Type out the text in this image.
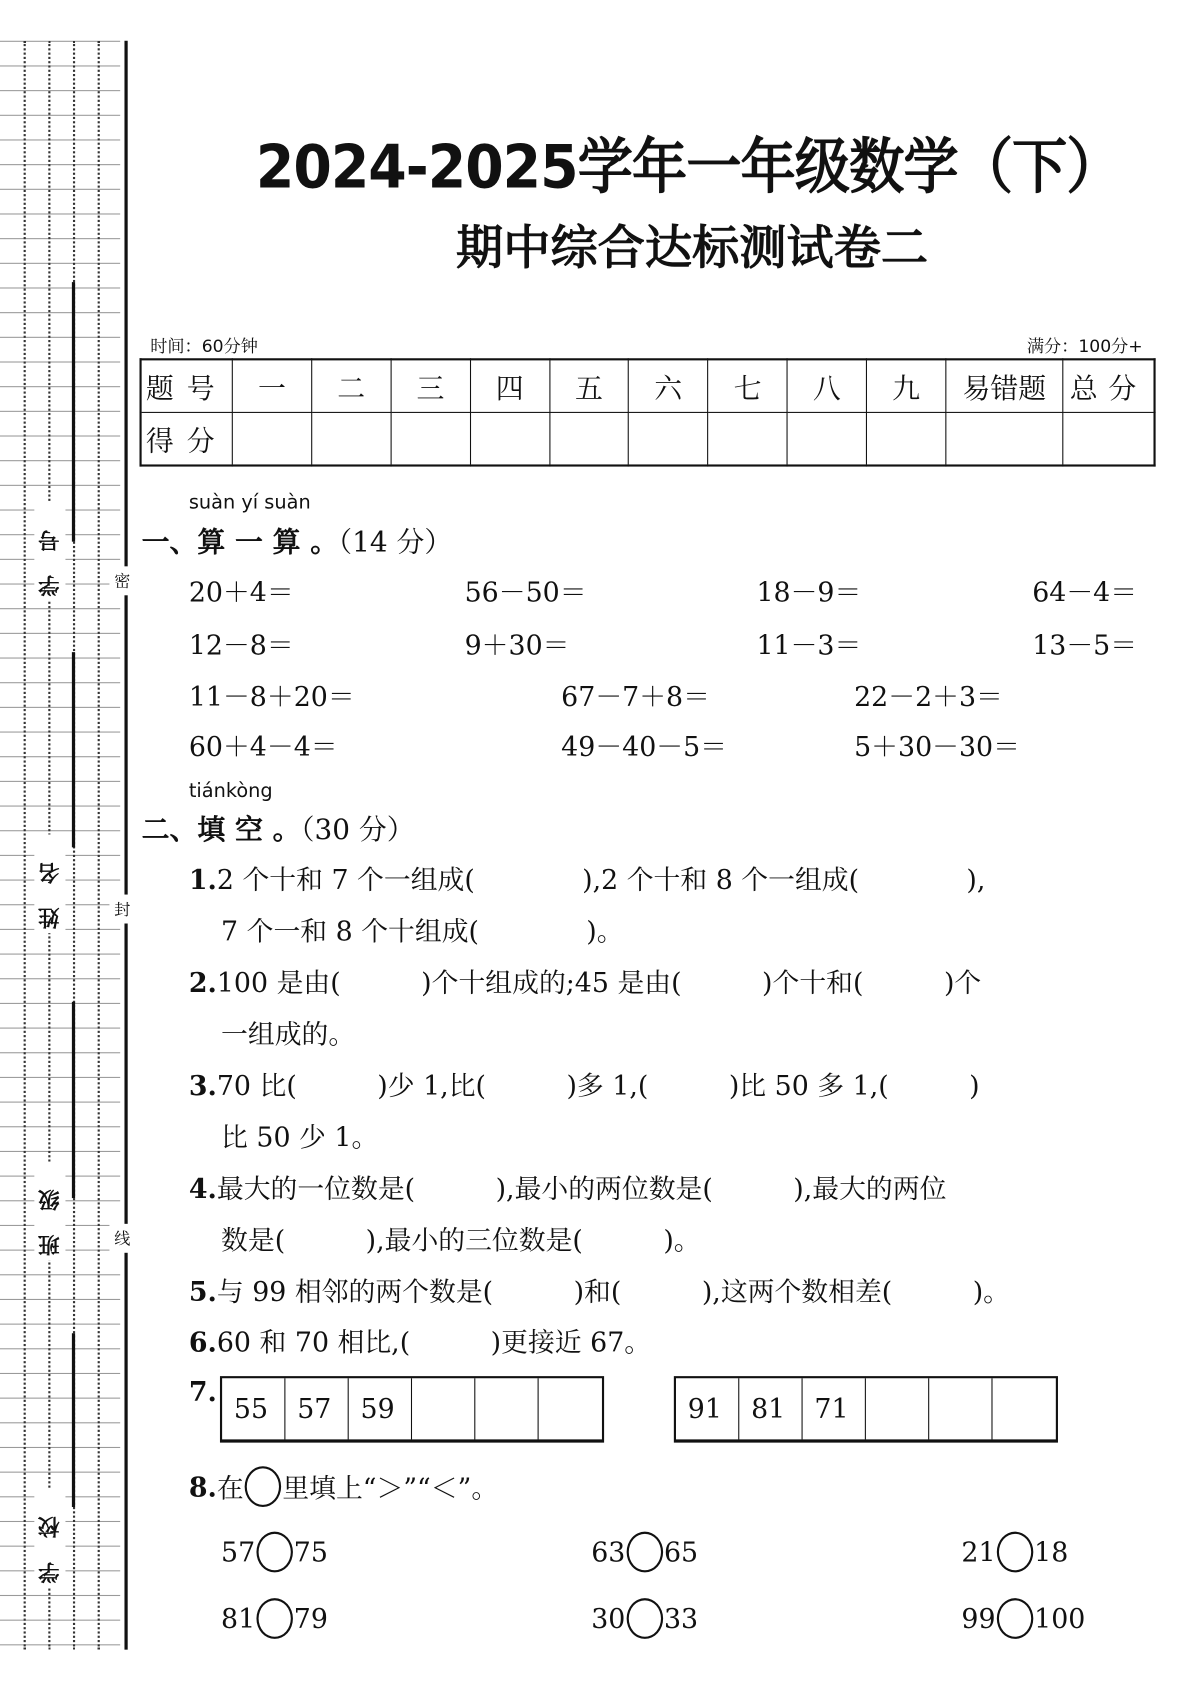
学号
姓名
班级
学校
密
封
线
2024-2025学年一年级数学（下）
期中综合达标测试卷二
时间：60分钟	满分：100分+
题号	一	二	三	四	五	六	七	八	九	易错题	总分
得分											
suàn yí suàn
一、算 一 算 。（14 分）
20＋4＝	56－50＝	18－9＝	64－4＝
12－8＝	9＋30＝	11－3＝	13－5＝
11－8＋20＝	67－7＋8＝	22－2＋3＝
60＋4－4＝	49－40－5＝	5＋30－30＝
tiánkòng
二、填 空 。（30 分）
1.2 个十和 7 个一组成(　　　　),2 个十和 8 个一组成(　　　　),
7 个一和 8 个十组成(　　　　)。
2.100 是由(　　　)个十组成的;45 是由(　　　)个十和(　　　)个
一组成的。
3.70 比(　　　)少 1,比(　　　)多 1,(　　　)比 50 多 1,(　　　)
比 50 少 1。
4.最大的一位数是(　　　),最小的两位数是(　　　),最大的两位
数是(　　　),最小的三位数是(　　　)。
5.与 99 相邻的两个数是(　　　)和(　　　),这两个数相差(　　　)。
6.60 和 70 相比,(　　　)更接近 67。
7.
55	57	59	91	81	71
8. 在 里填上“＞”“＜”。
57 75	63 65	21 18
81 79	30 33	99 100
